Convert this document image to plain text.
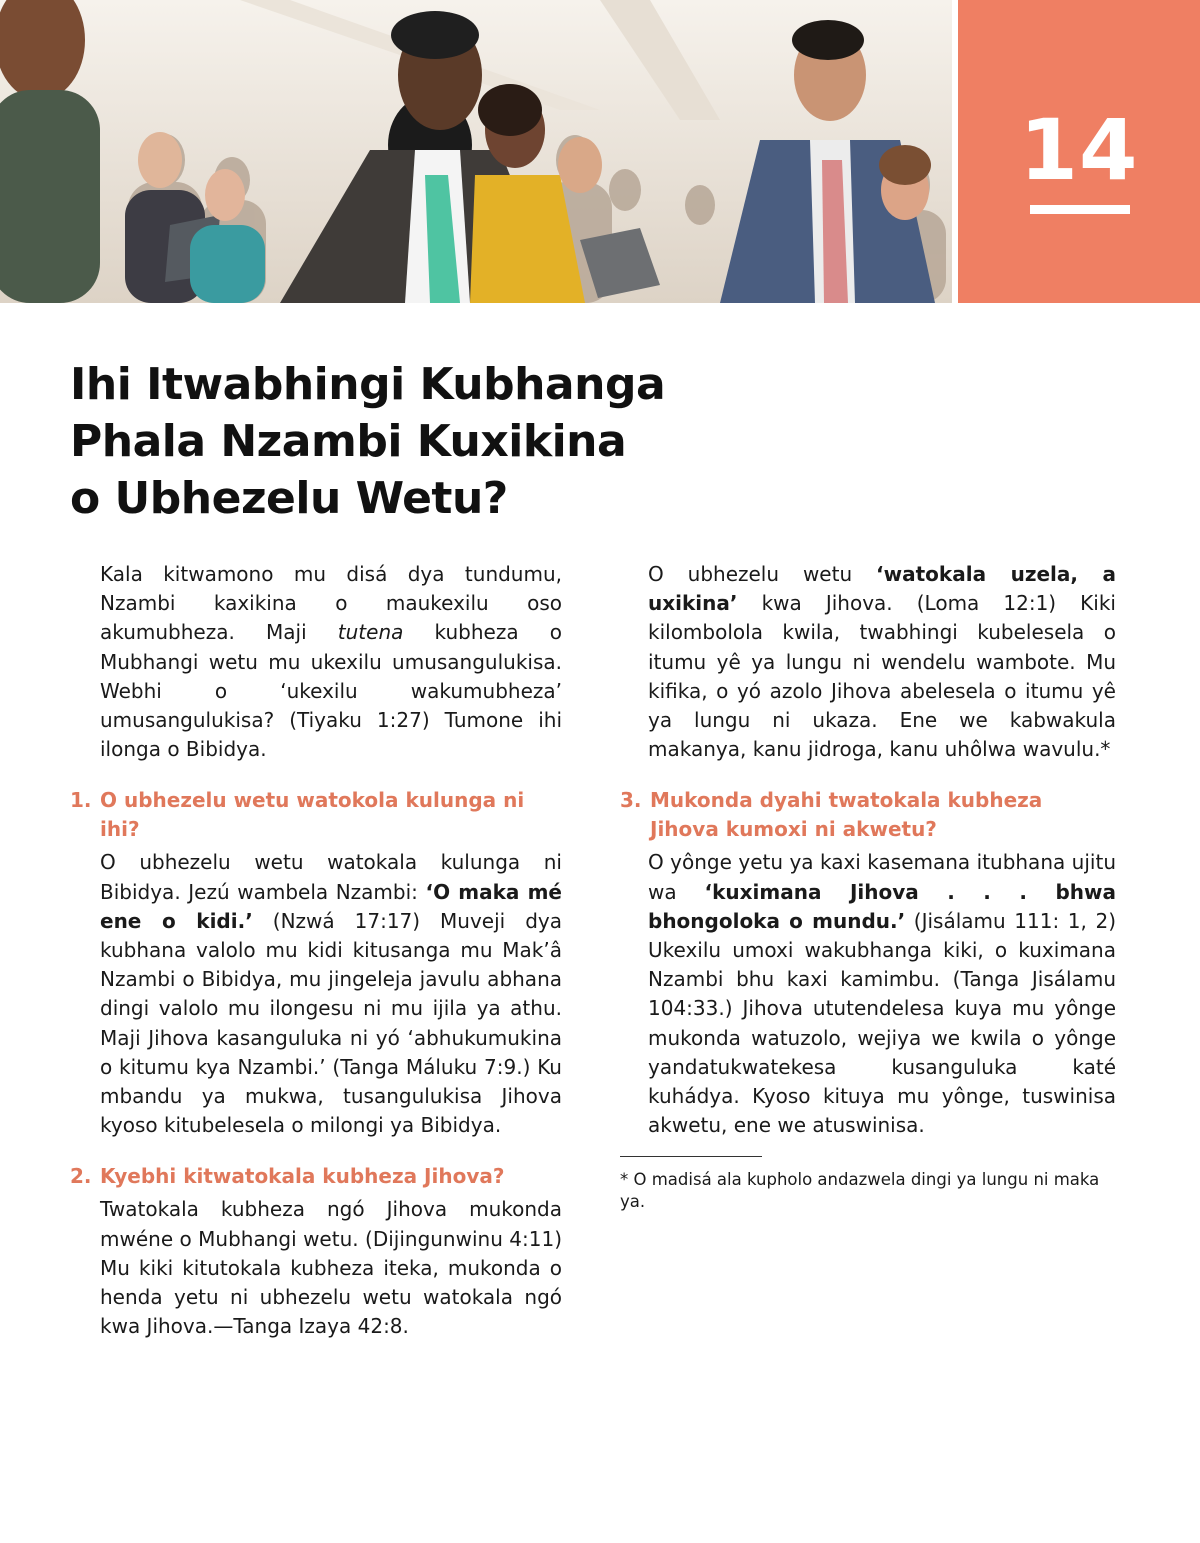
14
Ihi Itwabhingi Kubhanga
Phala Nzambi Kuxikina
o Ubhezelu Wetu?

Kala kitwamono mu disá dya tundumu, Nzambi kaxikina o maukexilu oso akumubheza. Maji tutena kubheza o Mubhangi wetu mu ukexilu umusangulukisa. Webhi o ‘ukexilu wakumubheza’ umusangulukisa? (Tiyaku 1:27) Tumone ihi ilonga o Bibidya.

1. O ubhezelu wetu watokola kulunga ni ihi?

O ubhezelu wetu watokala kulunga ni Bibidya. Jezú wambela Nzambi: ‘O maka mé ene o kidi.’ (Nzwá 17:17) Muveji dya kubhana valolo mu kidi kitusanga mu Mak’â Nzambi o Bibidya, mu jingeleja javulu abhana dingi valolo mu ilongesu ni mu ijila ya athu. Maji Jihova kasanguluka ni yó ‘abhukumukina o kitumu kya Nzambi.’ (Tanga Máluku 7:9.) Ku mbandu ya mukwa, tusangulukisa Jihova kyoso kitubelesela o milongi ya Bibidya.

2. Kyebhi kitwatokala kubheza Jihova?

Twatokala kubheza ngó Jihova mukonda mwéne o Mubhangi wetu. (Dijingunwinu 4:11) Mu kiki kitutokala kubheza iteka, mukonda o henda yetu ni ubhezelu wetu watokala ngó kwa Jihova.—Tanga Izaya 42:8.

O ubhezelu wetu ‘watokala uzela, a uxikina’ kwa Jihova. (Loma 12:1) Kiki kilombolola kwila, twabhingi kubelesela o itumu yê ya lungu ni wendelu wambote. Mu kifika, o yó azolo Jihova abelesela o itumu yê ya lungu ni ukaza. Ene we kabwakula makanya, kanu jidroga, kanu uhôlwa wavulu.*

3. Mukonda dyahi twatokala kubheza Jihova kumoxi ni akwetu?

O yônge yetu ya kaxi kasemana itubhana ujitu wa ‘kuximana Jihova . . . bhwa bhongoloka o mundu.’ (Jisálamu 111: 1, 2) Ukexilu umoxi wakubhanga kiki, o kuximana Nzambi bhu kaxi kamimbu. (Tanga Jisálamu 104:33.) Jihova ututendelesa kuya mu yônge mukonda watuzolo, wejiya we kwila o yônge yandatukwatekesa kusanguluka katé kuhádya. Kyoso kituya mu yônge, tuswinisa akwetu, ene we atuswinisa.

* O madisá ala kupholo andazwela dingi ya lungu ni maka ya.
